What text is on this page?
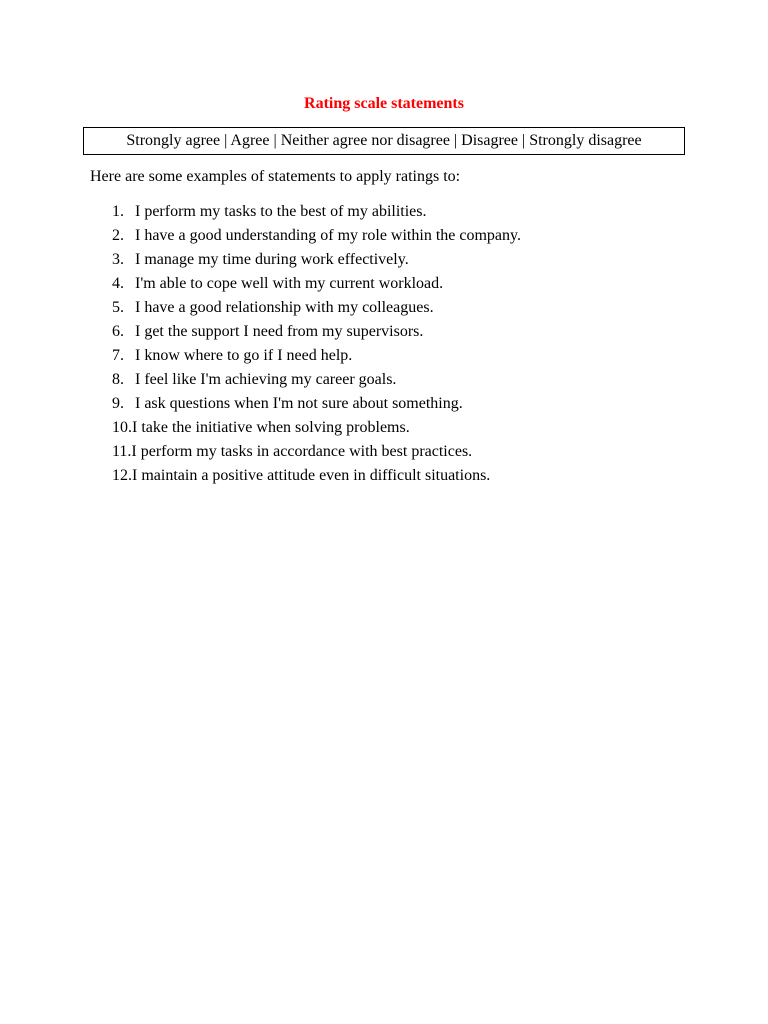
Rating scale statements
Strongly agree | Agree | Neither agree nor disagree | Disagree | Strongly disagree
Here are some examples of statements to apply ratings to:
1. I perform my tasks to the best of my abilities.
2. I have a good understanding of my role within the company.
3. I manage my time during work effectively.
4. I'm able to cope well with my current workload.
5. I have a good relationship with my colleagues.
6. I get the support I need from my supervisors.
7. I know where to go if I need help.
8. I feel like I'm achieving my career goals.
9. I ask questions when I'm not sure about something.
10. I take the initiative when solving problems.
11. I perform my tasks in accordance with best practices.
12. I maintain a positive attitude even in difficult situations.
